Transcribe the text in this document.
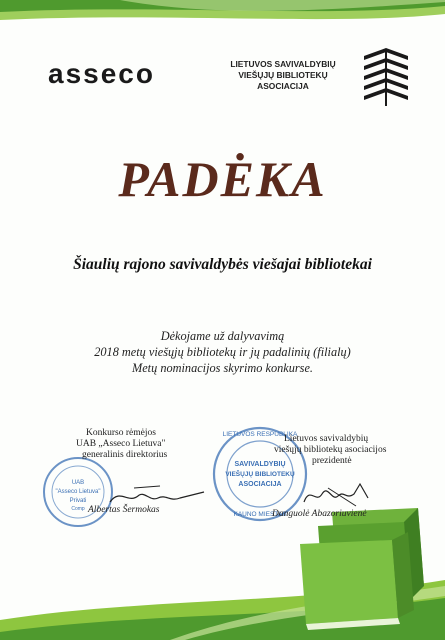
asseco	LIETUVOS SAVIVALDYBIŲ
VIEŠŲJŲ BIBLIOTEKŲ
ASOCIACIJA
PADĖKA
Šiaulių rajono savivaldybės viešajai bibliotekai
Dėkojame už dalyvavimą
2018 metų viešųjų bibliotekų ir jų padalinių (filialų)
Metų nominacijos skyrimo konkurse.
UAB
"Asseco Lietuva"
Privati
Comp
Konkurso rėmėjos
UAB „Asseco Lietuva"
generalinis direktorius
Albertas Šermokas
LIETUVOS RESPUBLIKA
SAVIVALDYBIŲ
VIEŠŲJŲ BIBLIOTEKŲ
ASOCIACIJA
KAUNO MIESTAS
Lietuvos savivaldybių
viešųjų bibliotekų asociacijos
prezidentė
Danguolė Abazoriuvienė
